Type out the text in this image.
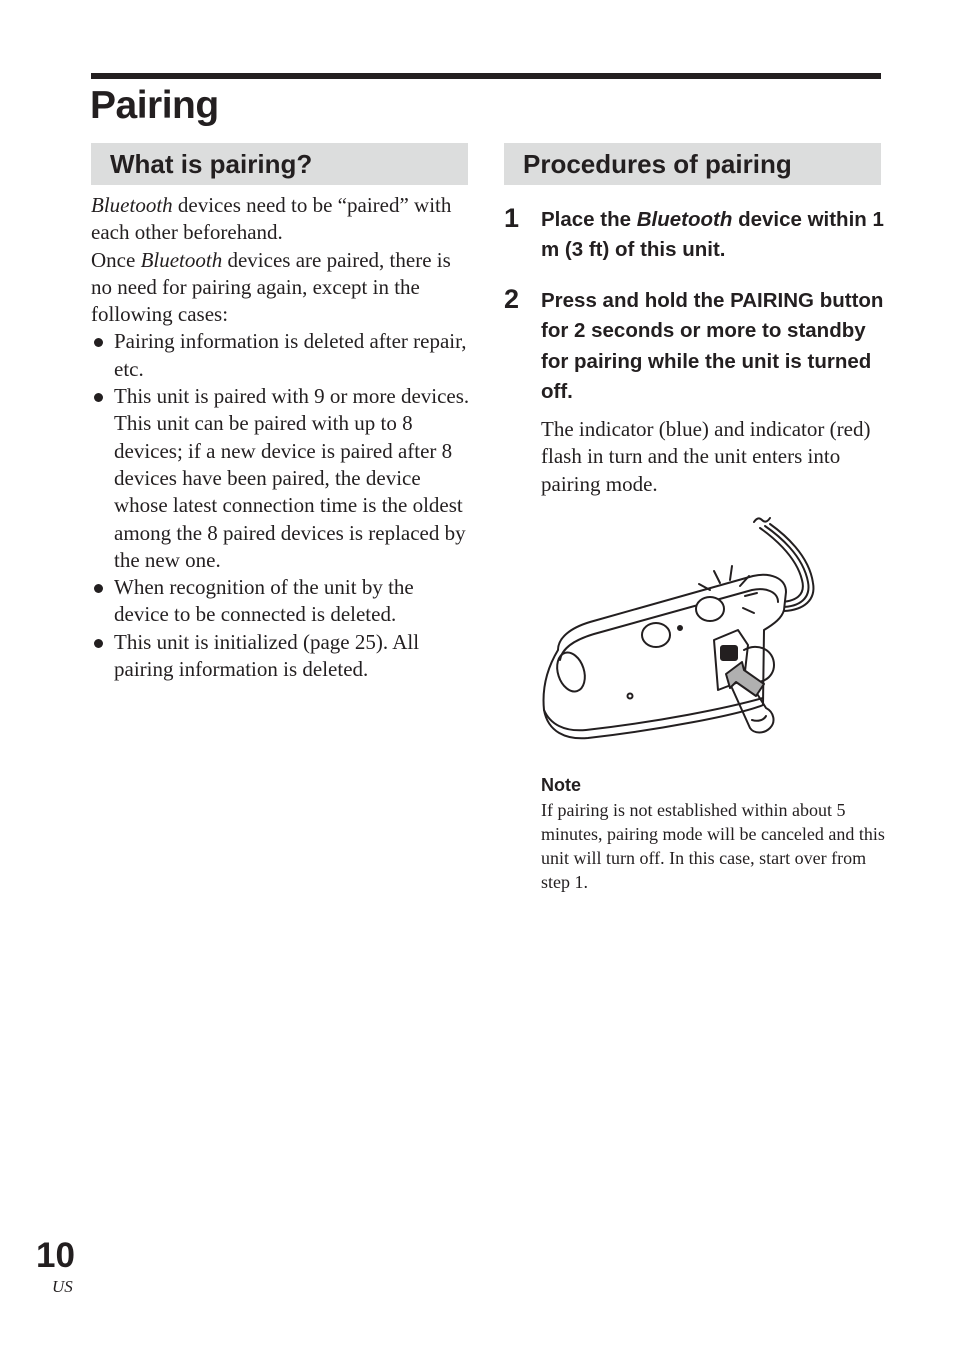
Pairing
What is pairing?	Procedures of pairing

Bluetooth devices need to be “paired” with each other beforehand.

Once Bluetooth devices are paired, there is no need for pairing again, except in the following cases:

Pairing information is deleted after repair, etc.
This unit is paired with 9 or more devices. This unit can be paired with up to 8 devices; if a new device is paired after 8 devices have been paired, the device whose latest connection time is the oldest among the 8 paired devices is replaced by the new one.
When recognition of the unit by the device to be connected is deleted.
This unit is initialized (page 25). All pairing information is deleted.
1 Place the Bluetooth device within 1 m (3 ft) of this unit.
2 Press and hold the PAIRING button for 2 seconds or more to standby for pairing while the unit is turned off.
The indicator (blue) and indicator (red) flash in turn and the unit enters into pairing mode.
Note
If pairing is not established within about 5 minutes, pairing mode will be canceled and this unit will turn off. In this case, start over from step 1.
10
US
